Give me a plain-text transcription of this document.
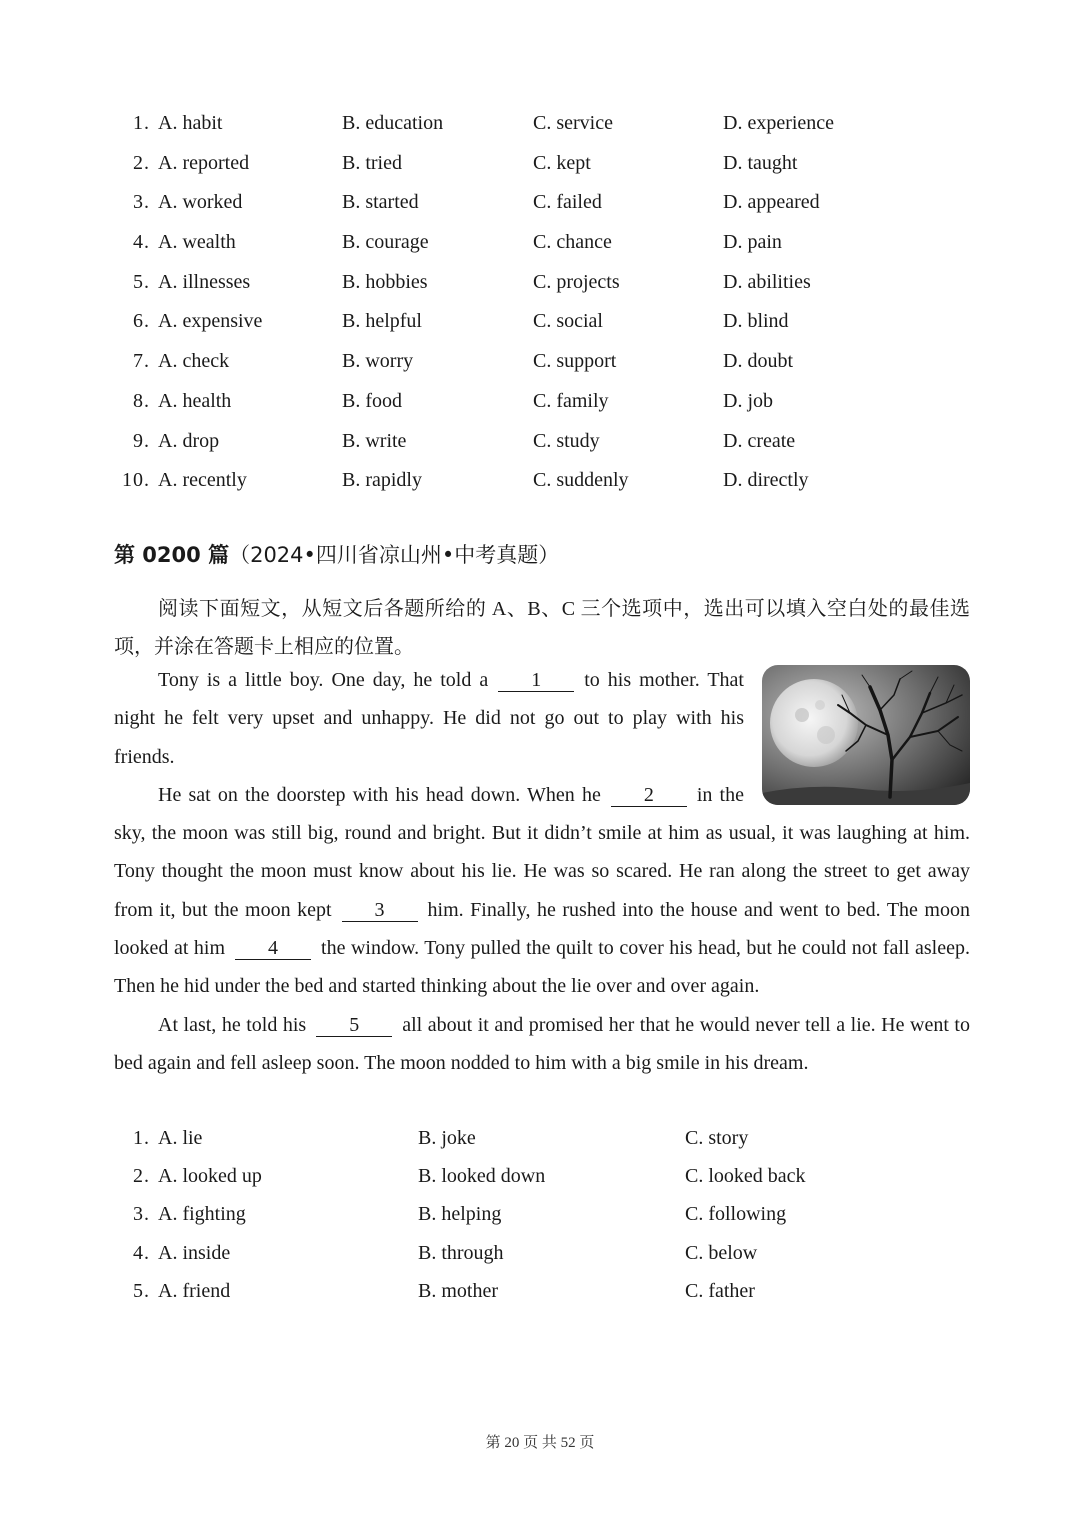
1. A. habit	B. education	C. service	D. experience
2. A. reported	B. tried	C. kept	D. taught
3. A. worked	B. started	C. failed	D. appeared
4. A. wealth	B. courage	C. chance	D. pain
5. A. illnesses	B. hobbies	C. projects	D. abilities
6. A. expensive	B. helpful	C. social	D. blind
7. A. check	B. worry	C. support	D. doubt
8. A. health	B. food	C. family	D. job
9. A. drop	B. write	C. study	D. create
10. A. recently	B. rapidly	C. suddenly	D. directly
第 0200 篇（2024•四川省凉山州•中考真题）
阅读下面短文，从短文后各题所给的 A、B、C 三个选项中，选出可以填入空白处的最佳选项，并涂在答题卡上相应的位置。

Tony is a little boy. One day, he told a 1 to his mother. That night he felt very upset and unhappy. He did not go out to play with his friends.

He sat on the doorstep with his head down. When he 2 in the sky, the moon was still big, round and bright. But it didn’t smile at him as usual, it was laughing at him. Tony thought the moon must know about his lie. He was so scared. He ran along the street to get away from it, but the moon kept 3 him. Finally, he rushed into the house and went to bed. The moon looked at him 4 the window. Tony pulled the quilt to cover his head, but he could not fall asleep. Then he hid under the bed and started thinking about the lie over and over again.

At last, he told his 5 all about it and promised her that he would never tell a lie. He went to bed again and fell asleep soon. The moon nodded to him with a big smile in his dream.

1. A. lie	B. joke	C. story
2. A. looked up	B. looked down	C. looked back
3. A. fighting	B. helping	C. following
4. A. inside	B. through	C. below
5. A. friend	B. mother	C. father
第 20 页 共 52 页
